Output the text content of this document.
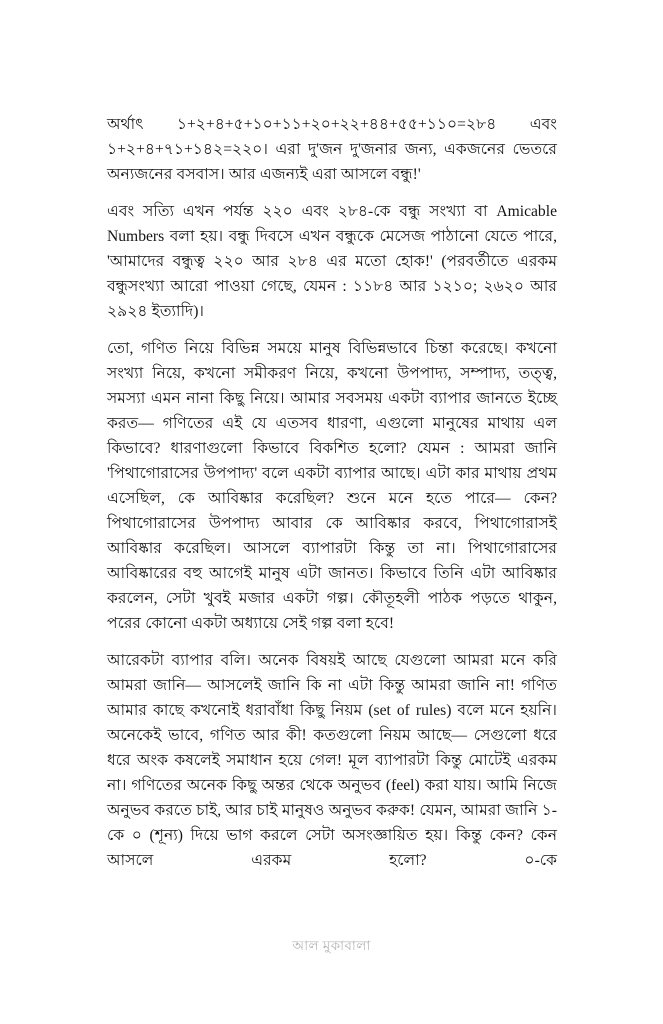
অর্থাৎ ১+২+৪+৫+১০+১১+২০+২২+৪৪+৫৫+১১০=২৮৪ এবং ১+২+৪+৭১+১৪২=২২০। এরা দু'জন দু'জনার জন্য, একজনের ভেতরে অন্যজনের বসবাস। আর এজন্যই এরা আসলে বন্ধু!'

এবং সত্যি এখন পর্যন্ত ২২০ এবং ২৮৪-কে বন্ধু সংখ্যা বা Amicable Numbers বলা হয়। বন্ধু দিবসে এখন বন্ধুকে মেসেজ পাঠানো যেতে পারে, 'আমাদের বন্ধুত্ব ২২০ আর ২৮৪ এর মতো হোক!' (পরবর্তীতে এরকম বন্ধুসংখ্যা আরো পাওয়া গেছে, যেমন : ১১৮৪ আর ১২১০; ২৬২০ আর ২৯২৪ ইত্যাদি)।

তো, গণিত নিয়ে বিভিন্ন সময়ে মানুষ বিভিন্নভাবে চিন্তা করেছে। কখনো সংখ্যা নিয়ে, কখনো সমীকরণ নিয়ে, কখনো উপপাদ্য, সম্পাদ্য, তত্ত্ব, সমস্যা এমন নানা কিছু নিয়ে। আমার সবসময় একটা ব্যাপার জানতে ইচ্ছে করত— গণিতের এই যে এতসব ধারণা, এগুলো মানুষের মাথায় এল কিভাবে? ধারণাগুলো কিভাবে বিকশিত হলো? যেমন : আমরা জানি 'পিথাগোরাসের উপপাদ্য' বলে একটা ব্যাপার আছে। এটা কার মাথায় প্রথম এসেছিল, কে আবিষ্কার করেছিল? শুনে মনে হতে পারে— কেন? পিথাগোরাসের উপপাদ্য আবার কে আবিষ্কার করবে, পিথাগোরাসই আবিষ্কার করেছিল। আসলে ব্যাপারটা কিন্তু তা না। পিথাগোরাসের আবিষ্কারের বহু আগেই মানুষ এটা জানত। কিভাবে তিনি এটা আবিষ্কার করলেন, সেটা খুবই মজার একটা গল্প। কৌতূহলী পাঠক পড়তে থাকুন, পরের কোনো একটা অধ্যায়ে সেই গল্প বলা হবে!

আরেকটা ব্যাপার বলি। অনেক বিষয়ই আছে যেগুলো আমরা মনে করি আমরা জানি— আসলেই জানি কি না এটা কিন্তু আমরা জানি না! গণিত আমার কাছে কখনোই ধরাবাঁধা কিছু নিয়ম (set of rules) বলে মনে হয়নি। অনেকেই ভাবে, গণিত আর কী! কতগুলো নিয়ম আছে— সেগুলো ধরে ধরে অংক কষলেই সমাধান হয়ে গেল! মূল ব্যাপারটা কিন্তু মোটেই এরকম না। গণিতের অনেক কিছু অন্তর থেকে অনুভব (feel) করা যায়। আমি নিজে অনুভব করতে চাই, আর চাই মানুষও অনুভব করুক! যেমন, আমরা জানি ১-কে ০ (শূন্য) দিয়ে ভাগ করলে সেটা অসংজ্ঞায়িত হয়। কিন্তু কেন? কেন আসলে এরকম হলো? ০-কে

আল মুকাবালা
